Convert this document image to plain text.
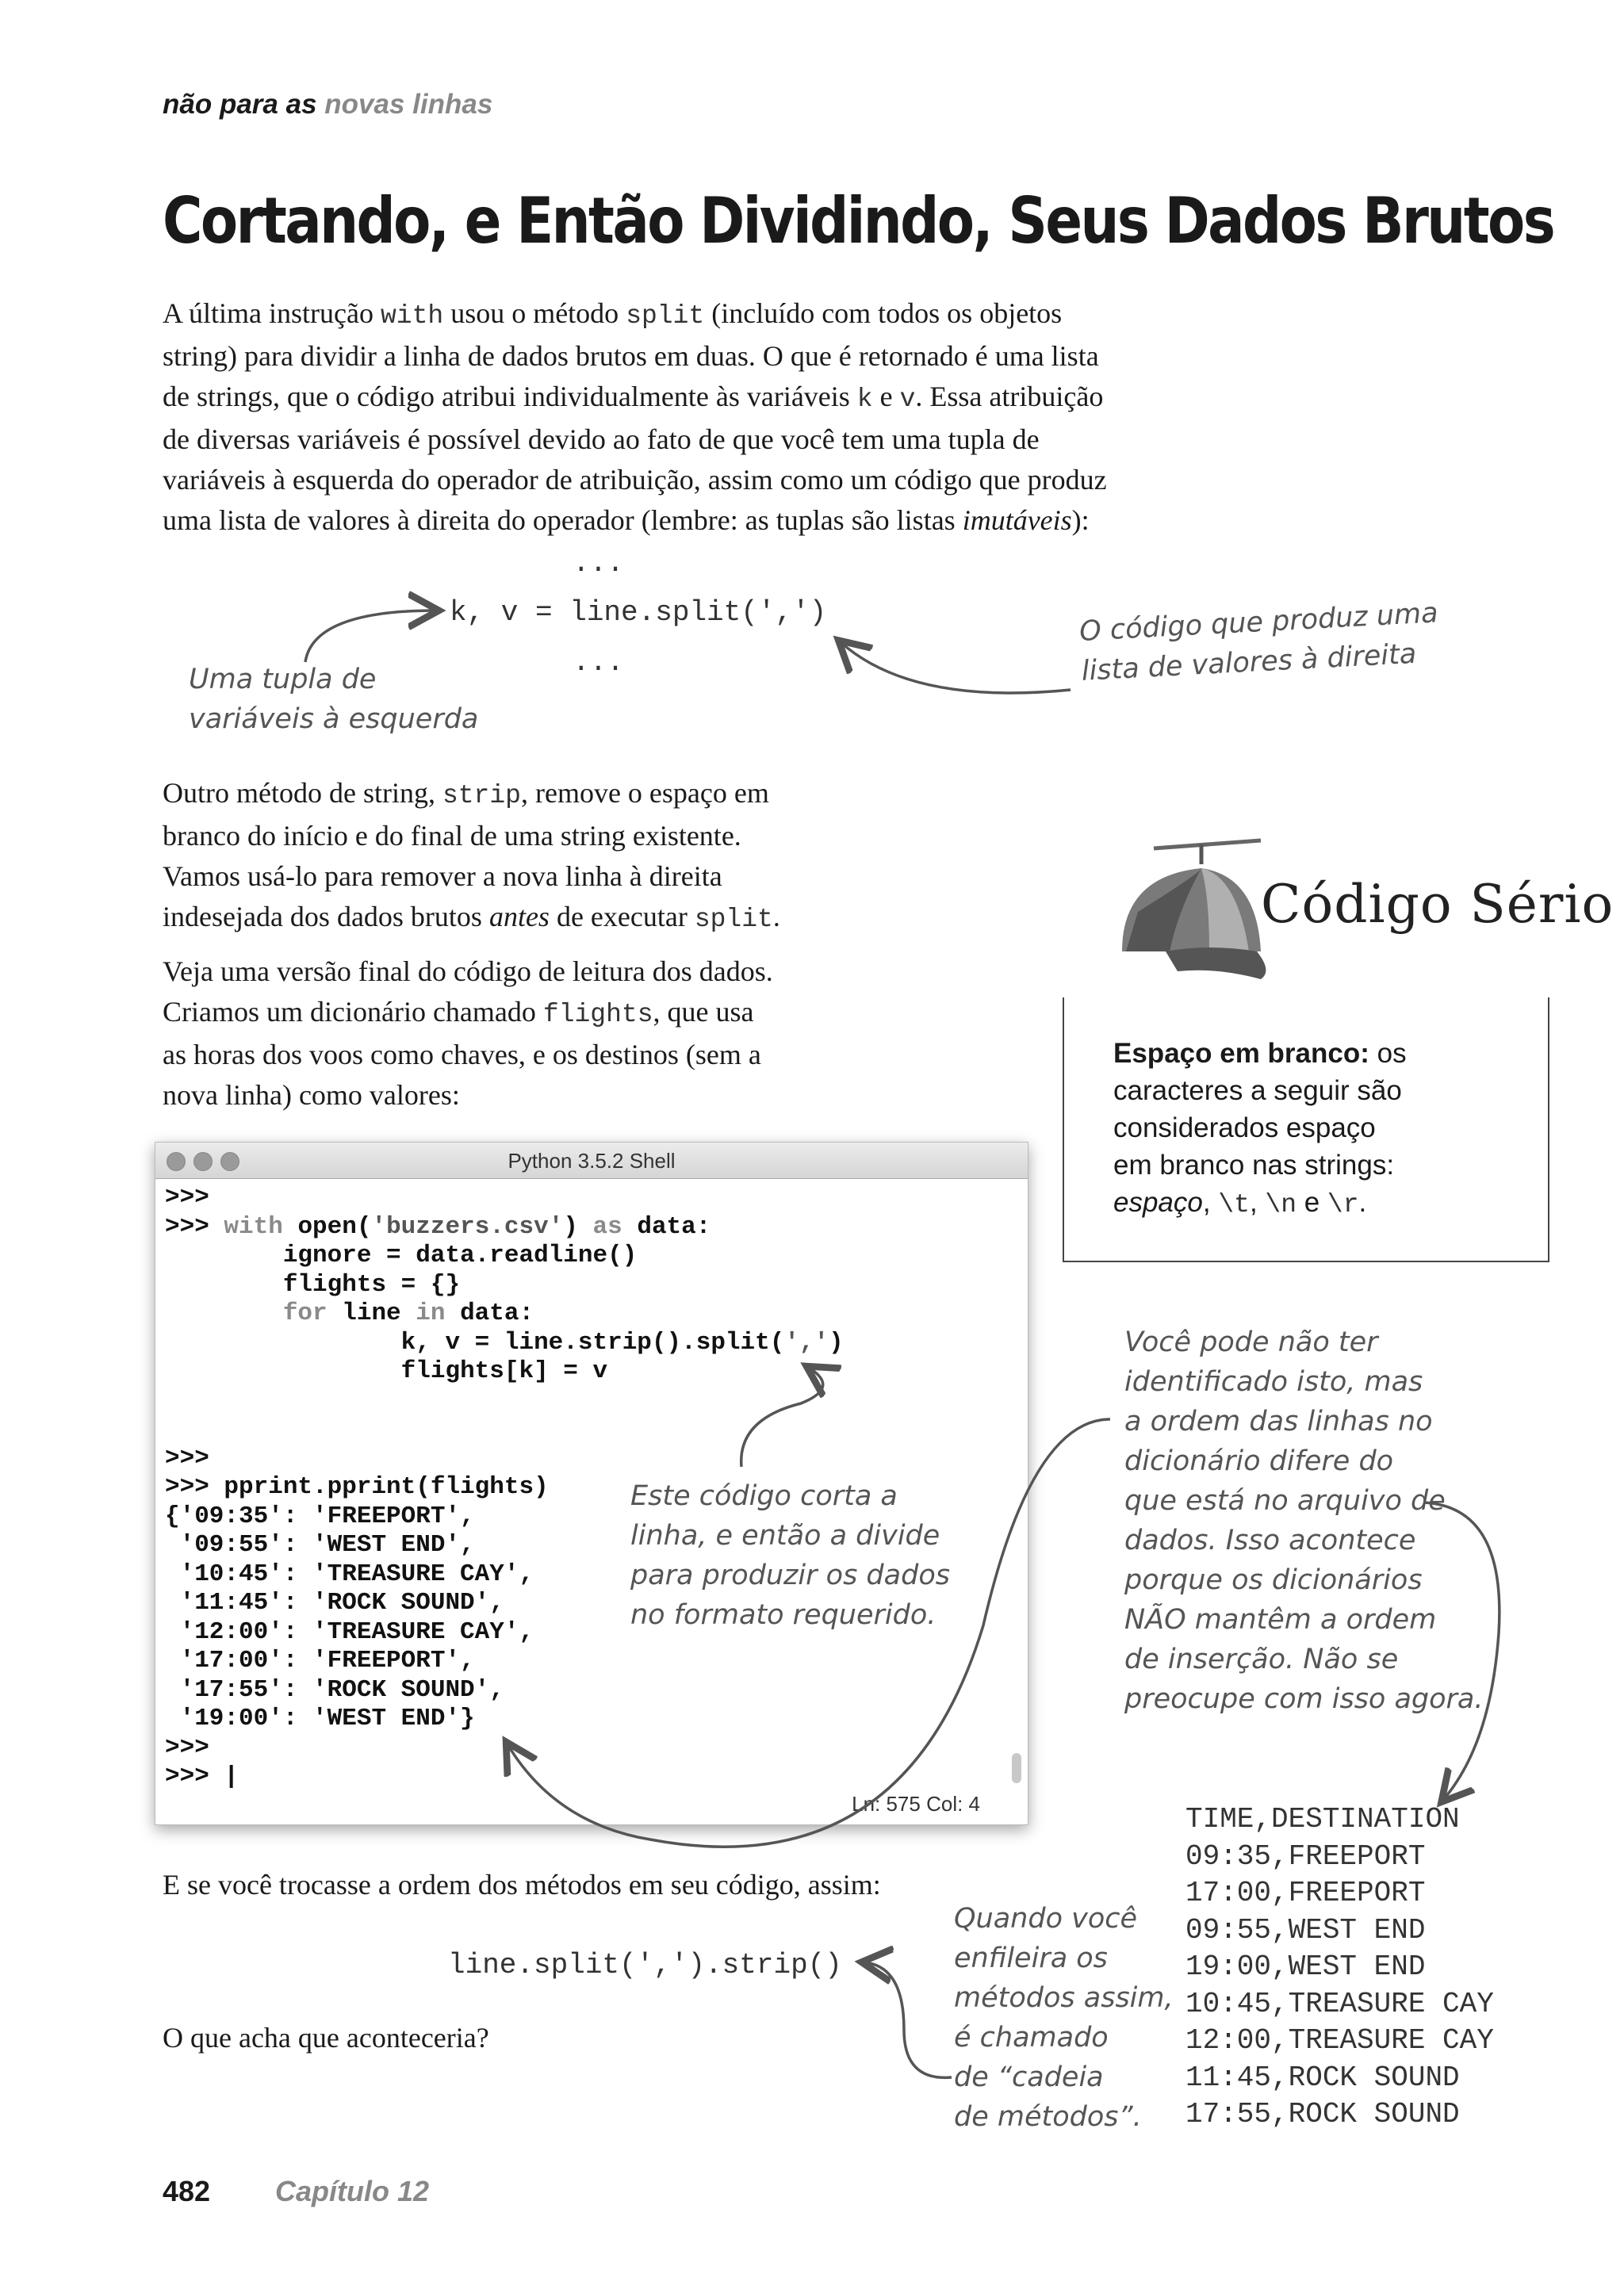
não para as novas linhas
Cortando, e Então Dividindo, Seus Dados Brutos
A última instrução with usou o método split (incluído com todos os objetos
string) para dividir a linha de dados brutos em duas. O que é retornado é uma lista
de strings, que o código atribui individualmente às variáveis k e v. Essa atribuição
de diversas variáveis é possível devido ao fato de que você tem uma tupla de
variáveis à esquerda do operador de atribuição, assim como um código que produz
uma lista de valores à direita do operador (lembre: as tuplas são listas imutáveis):
...
k, v = line.split(',')
...
Uma tupla de
variáveis à esquerda
O código que produz uma
lista de valores à direita
Outro método de string, strip, remove o espaço em
branco do início e do final de uma string existente.
Vamos usá-lo para remover a nova linha à direita
indesejada dos dados brutos antes de executar split.
Veja uma versão final do código de leitura dos dados.
Criamos um dicionário chamado flights, que usa
as horas dos voos como chaves, e os destinos (sem a
nova linha) como valores:
Código Sério
Espaço em branco: os
caracteres a seguir são
considerados espaço
em branco nas strings:
espaço, \t, \n e \r.
Python 3.5.2 Shell
>>>
>>> with open('buzzers.csv') as data:
ignore = data.readline()
flights = {}
for line in data:
k, v = line.strip().split(',')
flights[k] = v

>>>
>>> pprint.pprint(flights)
{'09:35': 'FREEPORT',
'09:55': 'WEST END',
'10:45': 'TREASURE CAY',
'11:45': 'ROCK SOUND',
'12:00': 'TREASURE CAY',
'17:00': 'FREEPORT',
'17:55': 'ROCK SOUND',
'19:00': 'WEST END'}
>>>
>>> |
Ln: 575 Col: 4
Este código corta a
linha, e então a divide
para produzir os dados
no formato requerido.
Você pode não ter
identificado isto, mas
a ordem das linhas no
dicionário difere do
que está no arquivo de
dados. Isso acontece
porque os dicionários
NÃO mantêm a ordem
de inserção. Não se
preocupe com isso agora.
TIME,DESTINATION
09:35,FREEPORT
17:00,FREEPORT
09:55,WEST END
19:00,WEST END
10:45,TREASURE CAY
12:00,TREASURE CAY
11:45,ROCK SOUND
17:55,ROCK SOUND
E se você trocasse a ordem dos métodos em seu código, assim:
line.split(',').strip()
O que acha que aconteceria?
Quando você
enfileira os
métodos assim,
é chamado
de “cadeia
de métodos”.
482 Capítulo 12
